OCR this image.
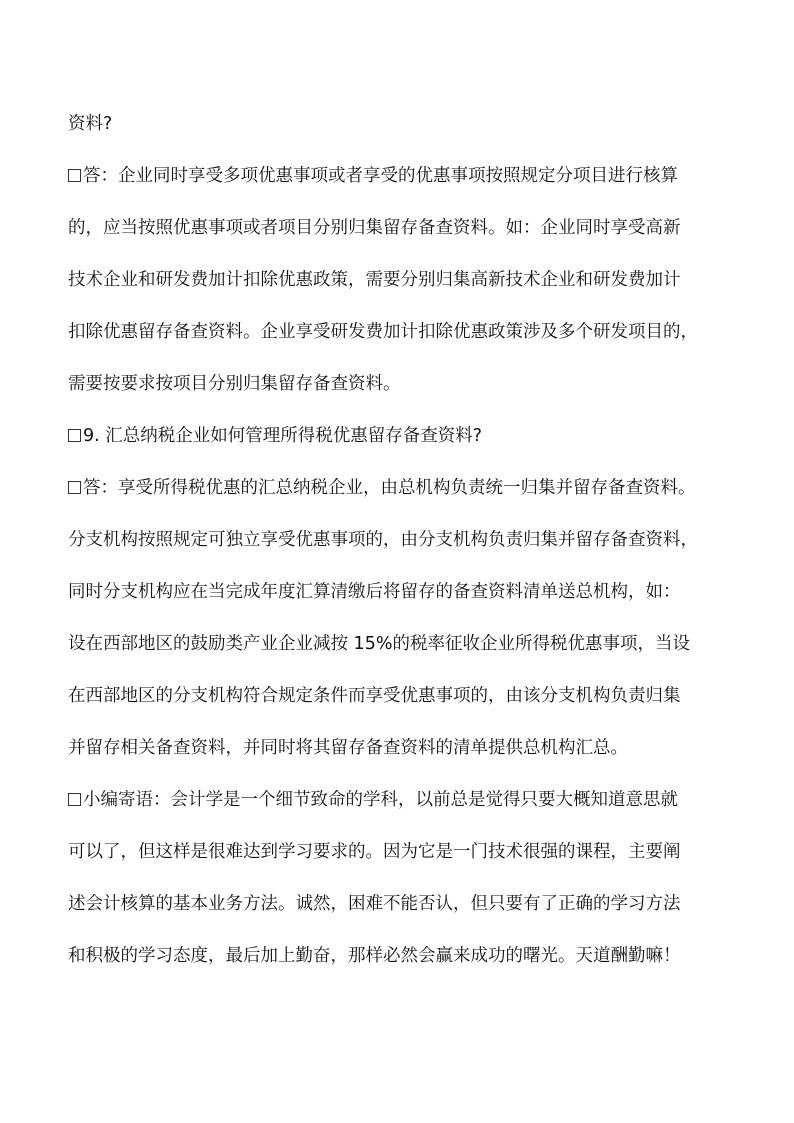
资料?
答：企业同时享受多项优惠事项或者享受的优惠事项按照规定分项目进行核算
的，应当按照优惠事项或者项目分别归集留存备查资料。如：企业同时享受高新
技术企业和研发费加计扣除优惠政策，需要分别归集高新技术企业和研发费加计
扣除优惠留存备查资料。企业享受研发费加计扣除优惠政策涉及多个研发项目的，
需要按要求按项目分别归集留存备查资料。
9. 汇总纳税企业如何管理所得税优惠留存备查资料?
答：享受所得税优惠的汇总纳税企业，由总机构负责统一归集并留存备查资料。
分支机构按照规定可独立享受优惠事项的，由分支机构负责归集并留存备查资料，
同时分支机构应在当完成年度汇算清缴后将留存的备查资料清单送总机构，如：
设在西部地区的鼓励类产业企业减按 15%的税率征收企业所得税优惠事项，当设
在西部地区的分支机构符合规定条件而享受优惠事项的，由该分支机构负责归集
并留存相关备查资料，并同时将其留存备查资料的清单提供总机构汇总。
小编寄语：会计学是一个细节致命的学科，以前总是觉得只要大概知道意思就
可以了，但这样是很难达到学习要求的。因为它是一门技术很强的课程，主要阐
述会计核算的基本业务方法。诚然，困难不能否认，但只要有了正确的学习方法
和积极的学习态度，最后加上勤奋，那样必然会赢来成功的曙光。天道酬勤嘛！
